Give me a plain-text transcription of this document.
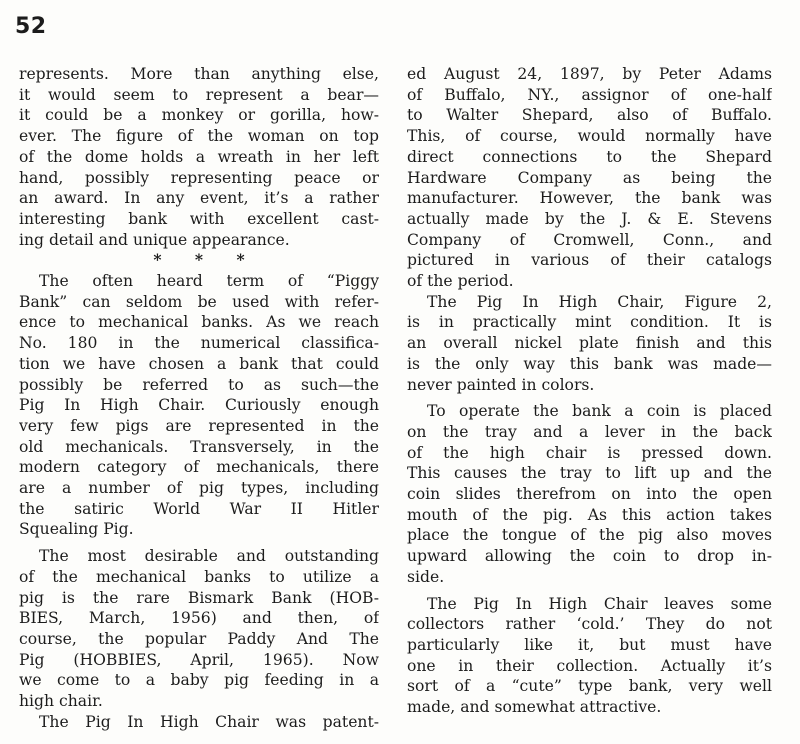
52
represents. More than anything else,
it would seem to represent a bear—
it could be a monkey or gorilla, how-
ever. The figure of the woman on top
of the dome holds a wreath in her left
hand, possibly representing peace or
an award. In any event, it’s a rather
interesting bank with excellent cast-
ing detail and unique appearance.
* * *
The often heard term of “Piggy
Bank” can seldom be used with refer-
ence to mechanical banks. As we reach
No. 180 in the numerical classifica-
tion we have chosen a bank that could
possibly be referred to as such—the
Pig In High Chair. Curiously enough
very few pigs are represented in the
old mechanicals. Transversely, in the
modern category of mechanicals, there
are a number of pig types, including
the satiric World War II Hitler
Squealing Pig.
The most desirable and outstanding
of the mechanical banks to utilize a
pig is the rare Bismark Bank (HOB-
BIES, March, 1956) and then, of
course, the popular Paddy And The
Pig (HOBBIES, April, 1965). Now
we come to a baby pig feeding in a
high chair.
The Pig In High Chair was patent-
ed August 24, 1897, by Peter Adams
of Buffalo, NY., assignor of one-half
to Walter Shepard, also of Buffalo.
This, of course, would normally have
direct connections to the Shepard
Hardware Company as being the
manufacturer. However, the bank was
actually made by the J. & E. Stevens
Company of Cromwell, Conn., and
pictured in various of their catalogs
of the period.
The Pig In High Chair, Figure 2,
is in practically mint condition. It is
an overall nickel plate finish and this
is the only way this bank was made—
never painted in colors.
To operate the bank a coin is placed
on the tray and a lever in the back
of the high chair is pressed down.
This causes the tray to lift up and the
coin slides therefrom on into the open
mouth of the pig. As this action takes
place the tongue of the pig also moves
upward allowing the coin to drop in-
side.
The Pig In High Chair leaves some
collectors rather ‘cold.’ They do not
particularly like it, but must have
one in their collection. Actually it’s
sort of a “cute” type bank, very well
made, and somewhat attractive.
